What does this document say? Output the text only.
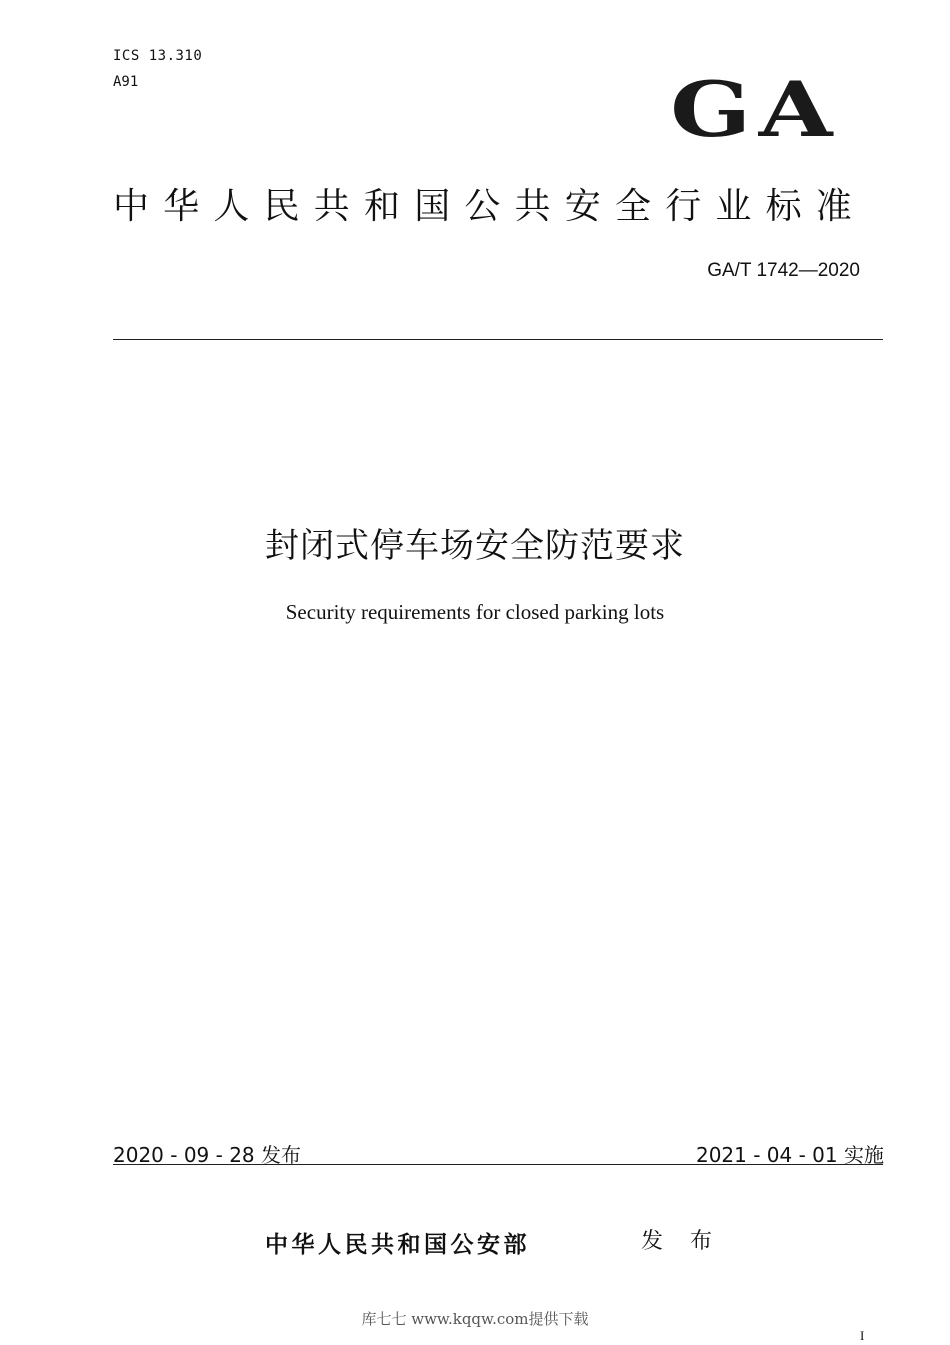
ICS 13.310
A91	GA
中华人民共和国公共安全行业标准
GA/T 1742—2020
封闭式停车场安全防范要求
Security requirements for closed parking lots
2020 - 09 - 28 发布	2021 - 04 - 01 实施
中华人民共和国公安部	发 布
库七七 www.kqqw.com提供下载
I
